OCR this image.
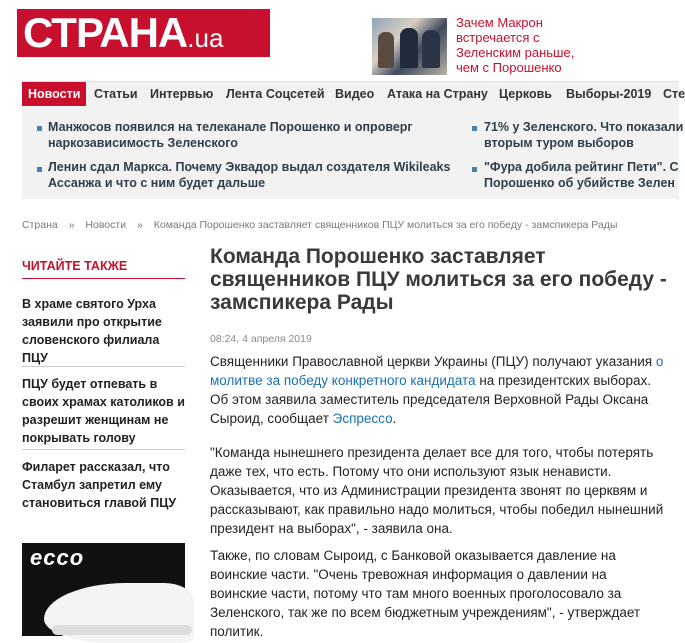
СТРАНА.ua
Зачем Макрон встречается с Зеленским раньше, чем с Порошенко
Новости	Статьи Интервью Лента Соцсетей Видео Атака на Страну Церковь Выборы-2019 Сте
Манжосов появился на телеканале Порошенко и опроверг
наркозависимость Зеленского
71% у Зеленского. Что показали
вторым туром выборов
Ленин сдал Маркса. Почему Эквадор выдал создателя Wikileaks
Ассанжа и что с ним будет дальше
"Фура добила рейтинг Пети". С
Порошенко об убийстве Зелен
Страна » Новости » Команда Порошенко заставляет священников ПЦУ молиться за его победу - замспикера Рады
ЧИТАЙТЕ ТАКЖЕ
В храме святого Урха заявили про открытие словенского филиала ПЦУ
ПЦУ будет отпевать в своих храмах католиков и разрешит женщинам не покрывать голову
Филарет рассказал, что Стамбул запретил ему становиться главой ПЦУ
ecco
Команда Порошенко заставляет священников ПЦУ молиться за его победу - замспикера Рады
08:24, 4 апреля 2019
Священники Православной церкви Украины (ПЦУ) получают указания о молитве за победу конкретного кандидата на президентских выборах. Об этом заявила заместитель председателя Верховной Рады Оксана Сыроид, сообщает Эспрессо.
"Команда нынешнего президента делает все для того, чтобы потерять даже тех, что есть. Потому что они используют язык ненависти. Оказывается, что из Администрации президента звонят по церквям и рассказывают, как правильно надо молиться, чтобы победил нынешний президент на выборах", - заявила она.
Также, по словам Сыроид, с Банковой оказывается давление на воинские части. "Очень тревожная информация о давлении на воинские части, потому что там много военных проголосовало за Зеленского, так же по всем бюджетным учреждениям", - утверждает политик.
